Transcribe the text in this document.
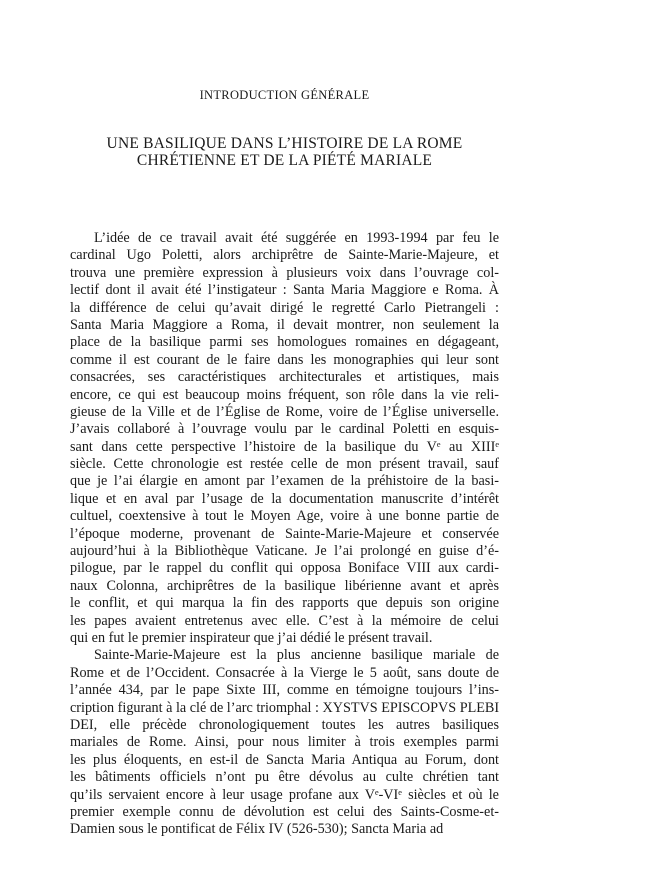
INTRODUCTION GÉNÉRALE
UNE BASILIQUE DANS L’HISTOIRE DE LA ROME
CHRÉTIENNE ET DE LA PIÉTÉ MARIALE
L’idée de ce travail avait été suggérée en 1993-1994 par feu le
cardinal Ugo Poletti, alors archiprêtre de Sainte-Marie-Majeure, et
trouva une première expression à plusieurs voix dans l’ouvrage col-
lectif dont il avait été l’instigateur : Santa Maria Maggiore e Roma. À
la différence de celui qu’avait dirigé le regretté Carlo Pietrangeli :
Santa Maria Maggiore a Roma, il devait montrer, non seulement la
place de la basilique parmi ses homologues romaines en dégageant,
comme il est courant de le faire dans les monographies qui leur sont
consacrées, ses caractéristiques architecturales et artistiques, mais
encore, ce qui est beaucoup moins fréquent, son rôle dans la vie reli-
gieuse de la Ville et de l’Église de Rome, voire de l’Église universelle.
J’avais collaboré à l’ouvrage voulu par le cardinal Poletti en esquis-
sant dans cette perspective l’histoire de la basilique du Vᵉ au XIIIᵉ
siècle. Cette chronologie est restée celle de mon présent travail, sauf
que je l’ai élargie en amont par l’examen de la préhistoire de la basi-
lique et en aval par l’usage de la documentation manuscrite d’intérêt
cultuel, coextensive à tout le Moyen Age, voire à une bonne partie de
l’époque moderne, provenant de Sainte-Marie-Majeure et conservée
aujourd’hui à la Bibliothèque Vaticane. Je l’ai prolongé en guise d’é-
pilogue, par le rappel du conflit qui opposa Boniface VIII aux cardi-
naux Colonna, archiprêtres de la basilique libérienne avant et après
le conflit, et qui marqua la fin des rapports que depuis son origine
les papes avaient entretenus avec elle. C’est à la mémoire de celui
qui en fut le premier inspirateur que j’ai dédié le présent travail.
Sainte-Marie-Majeure est la plus ancienne basilique mariale de
Rome et de l’Occident. Consacrée à la Vierge le 5 août, sans doute de
l’année 434, par le pape Sixte III, comme en témoigne toujours l’ins-
cription figurant à la clé de l’arc triomphal : XYSTVS EPISCOPVS PLEBI
DEI, elle précède chronologiquement toutes les autres basiliques
mariales de Rome. Ainsi, pour nous limiter à trois exemples parmi
les plus éloquents, en est-il de Sancta Maria Antiqua au Forum, dont
les bâtiments officiels n’ont pu être dévolus au culte chrétien tant
qu’ils servaient encore à leur usage profane aux Vᵉ-VIᵉ siècles et où le
premier exemple connu de dévolution est celui des Saints-Cosme-et-
Damien sous le pontificat de Félix IV (526-530); Sancta Maria ad
